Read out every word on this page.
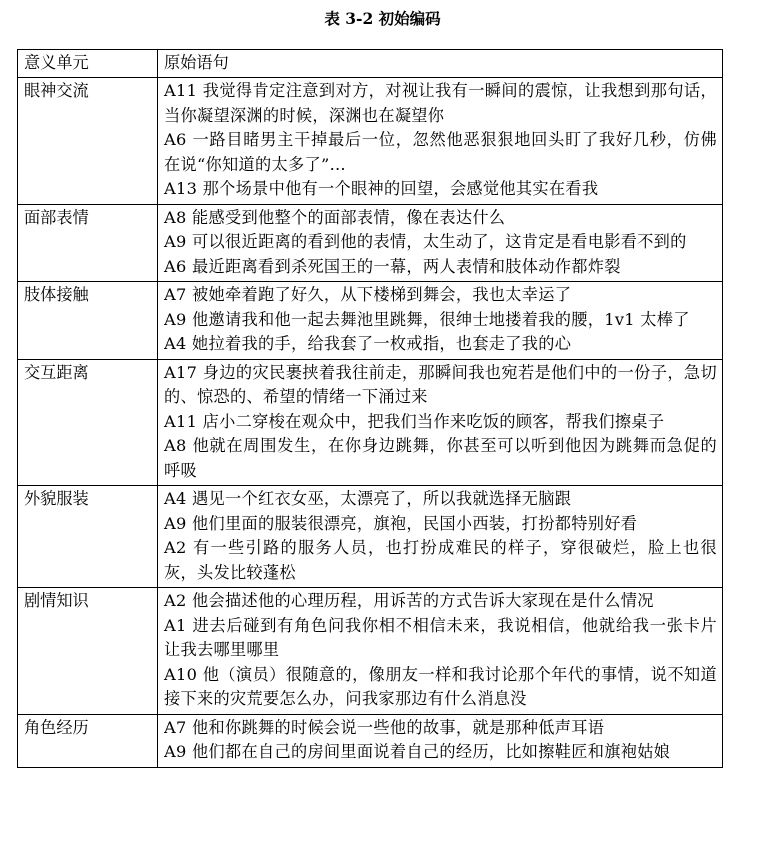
表 3-2 初始编码
意义单元	原始语句
眼神交流	A11 我觉得肯定注意到对方，对视让我有一瞬间的震惊，让我想到那句话，当你凝望深渊的时候，深渊也在凝望你
A6 一路目睹男主干掉最后一位，忽然他恶狠狠地回头盯了我好几秒，仿佛在说“你知道的太多了”…
A13 那个场景中他有一个眼神的回望，会感觉他其实在看我

面部表情	A8 能感受到他整个的面部表情，像在表达什么
A9 可以很近距离的看到他的表情，太生动了，这肯定是看电影看不到的
A6 最近距离看到杀死国王的一幕，两人表情和肢体动作都炸裂

肢体接触	A7 被她牵着跑了好久，从下楼梯到舞会，我也太幸运了
A9 他邀请我和他一起去舞池里跳舞，很绅士地搂着我的腰，1v1 太棒了
A4 她拉着我的手，给我套了一枚戒指，也套走了我的心

交互距离	A17 身边的灾民裹挟着我往前走，那瞬间我也宛若是他们中的一份子，急切的、惊恐的、希望的情绪一下涌过来
A11 店小二穿梭在观众中，把我们当作来吃饭的顾客，帮我们擦桌子
A8 他就在周围发生，在你身边跳舞，你甚至可以听到他因为跳舞而急促的呼吸

外貌服装	A4 遇见一个红衣女巫，太漂亮了，所以我就选择无脑跟
A9 他们里面的服装很漂亮，旗袍，民国小西装，打扮都特别好看
A2 有一些引路的服务人员，也打扮成难民的样子，穿很破烂，脸上也很灰，头发比较蓬松

剧情知识	A2 他会描述他的心理历程，用诉苦的方式告诉大家现在是什么情况
A1 进去后碰到有角色问我你相不相信未来，我说相信，他就给我一张卡片让我去哪里哪里
A10 他（演员）很随意的，像朋友一样和我讨论那个年代的事情，说不知道接下来的灾荒要怎么办，问我家那边有什么消息没

角色经历	A7 他和你跳舞的时候会说一些他的故事，就是那种低声耳语
A9 他们都在自己的房间里面说着自己的经历，比如擦鞋匠和旗袍姑娘
